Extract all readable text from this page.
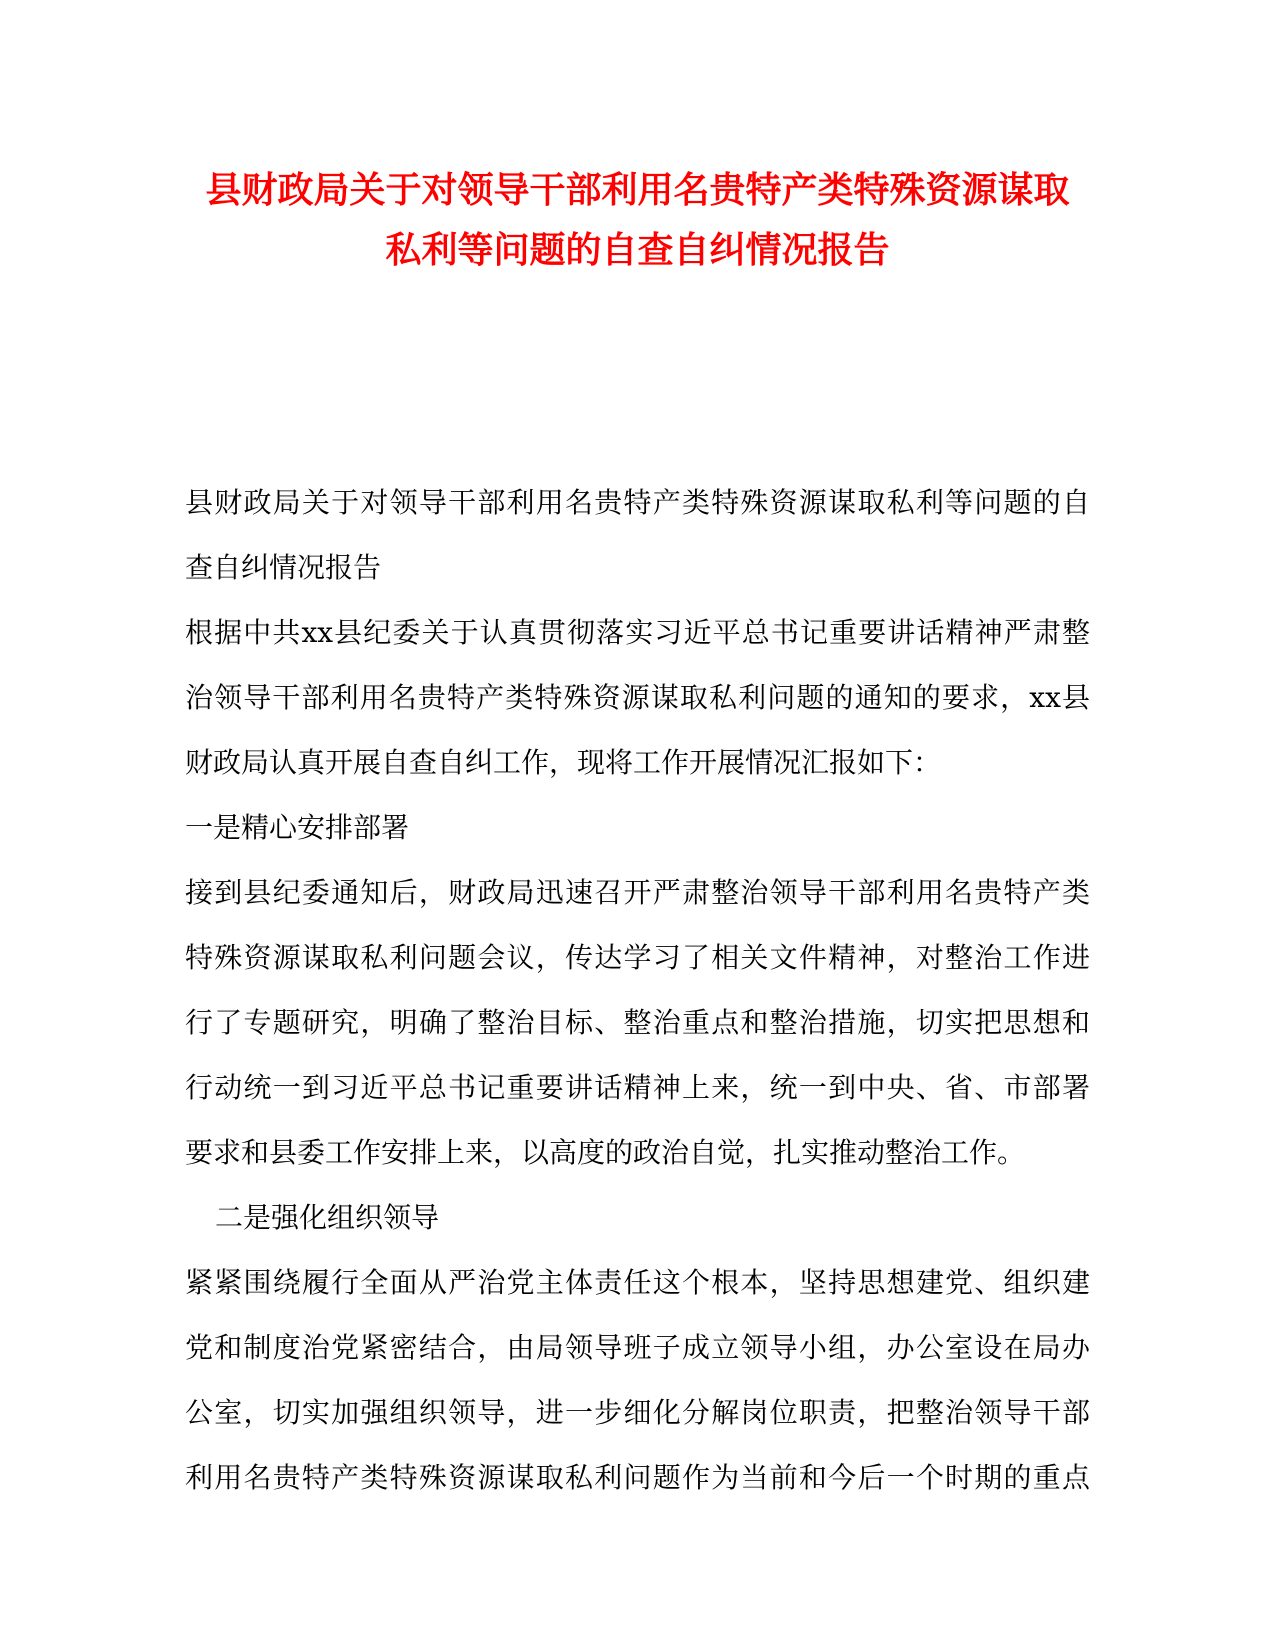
县财政局关于对领导干部利用名贵特产类特殊资源谋取
私利等问题的自查自纠情况报告
县财政局关于对领导干部利用名贵特产类特殊资源谋取私利等问题的自
查自纠情况报告
根据中共xx县纪委关于认真贯彻落实习近平总书记重要讲话精神严肃整
治领导干部利用名贵特产类特殊资源谋取私利问题的通知的要求，xx县
财政局认真开展自查自纠工作，现将工作开展情况汇报如下：
一是精心安排部署
接到县纪委通知后，财政局迅速召开严肃整治领导干部利用名贵特产类
特殊资源谋取私利问题会议，传达学习了相关文件精神，对整治工作进
行了专题研究，明确了整治目标、整治重点和整治措施，切实把思想和
行动统一到习近平总书记重要讲话精神上来，统一到中央、省、市部署
要求和县委工作安排上来，以高度的政治自觉，扎实推动整治工作。
二是强化组织领导
紧紧围绕履行全面从严治党主体责任这个根本，坚持思想建党、组织建
党和制度治党紧密结合，由局领导班子成立领导小组，办公室设在局办
公室，切实加强组织领导，进一步细化分解岗位职责，把整治领导干部
利用名贵特产类特殊资源谋取私利问题作为当前和今后一个时期的重点
